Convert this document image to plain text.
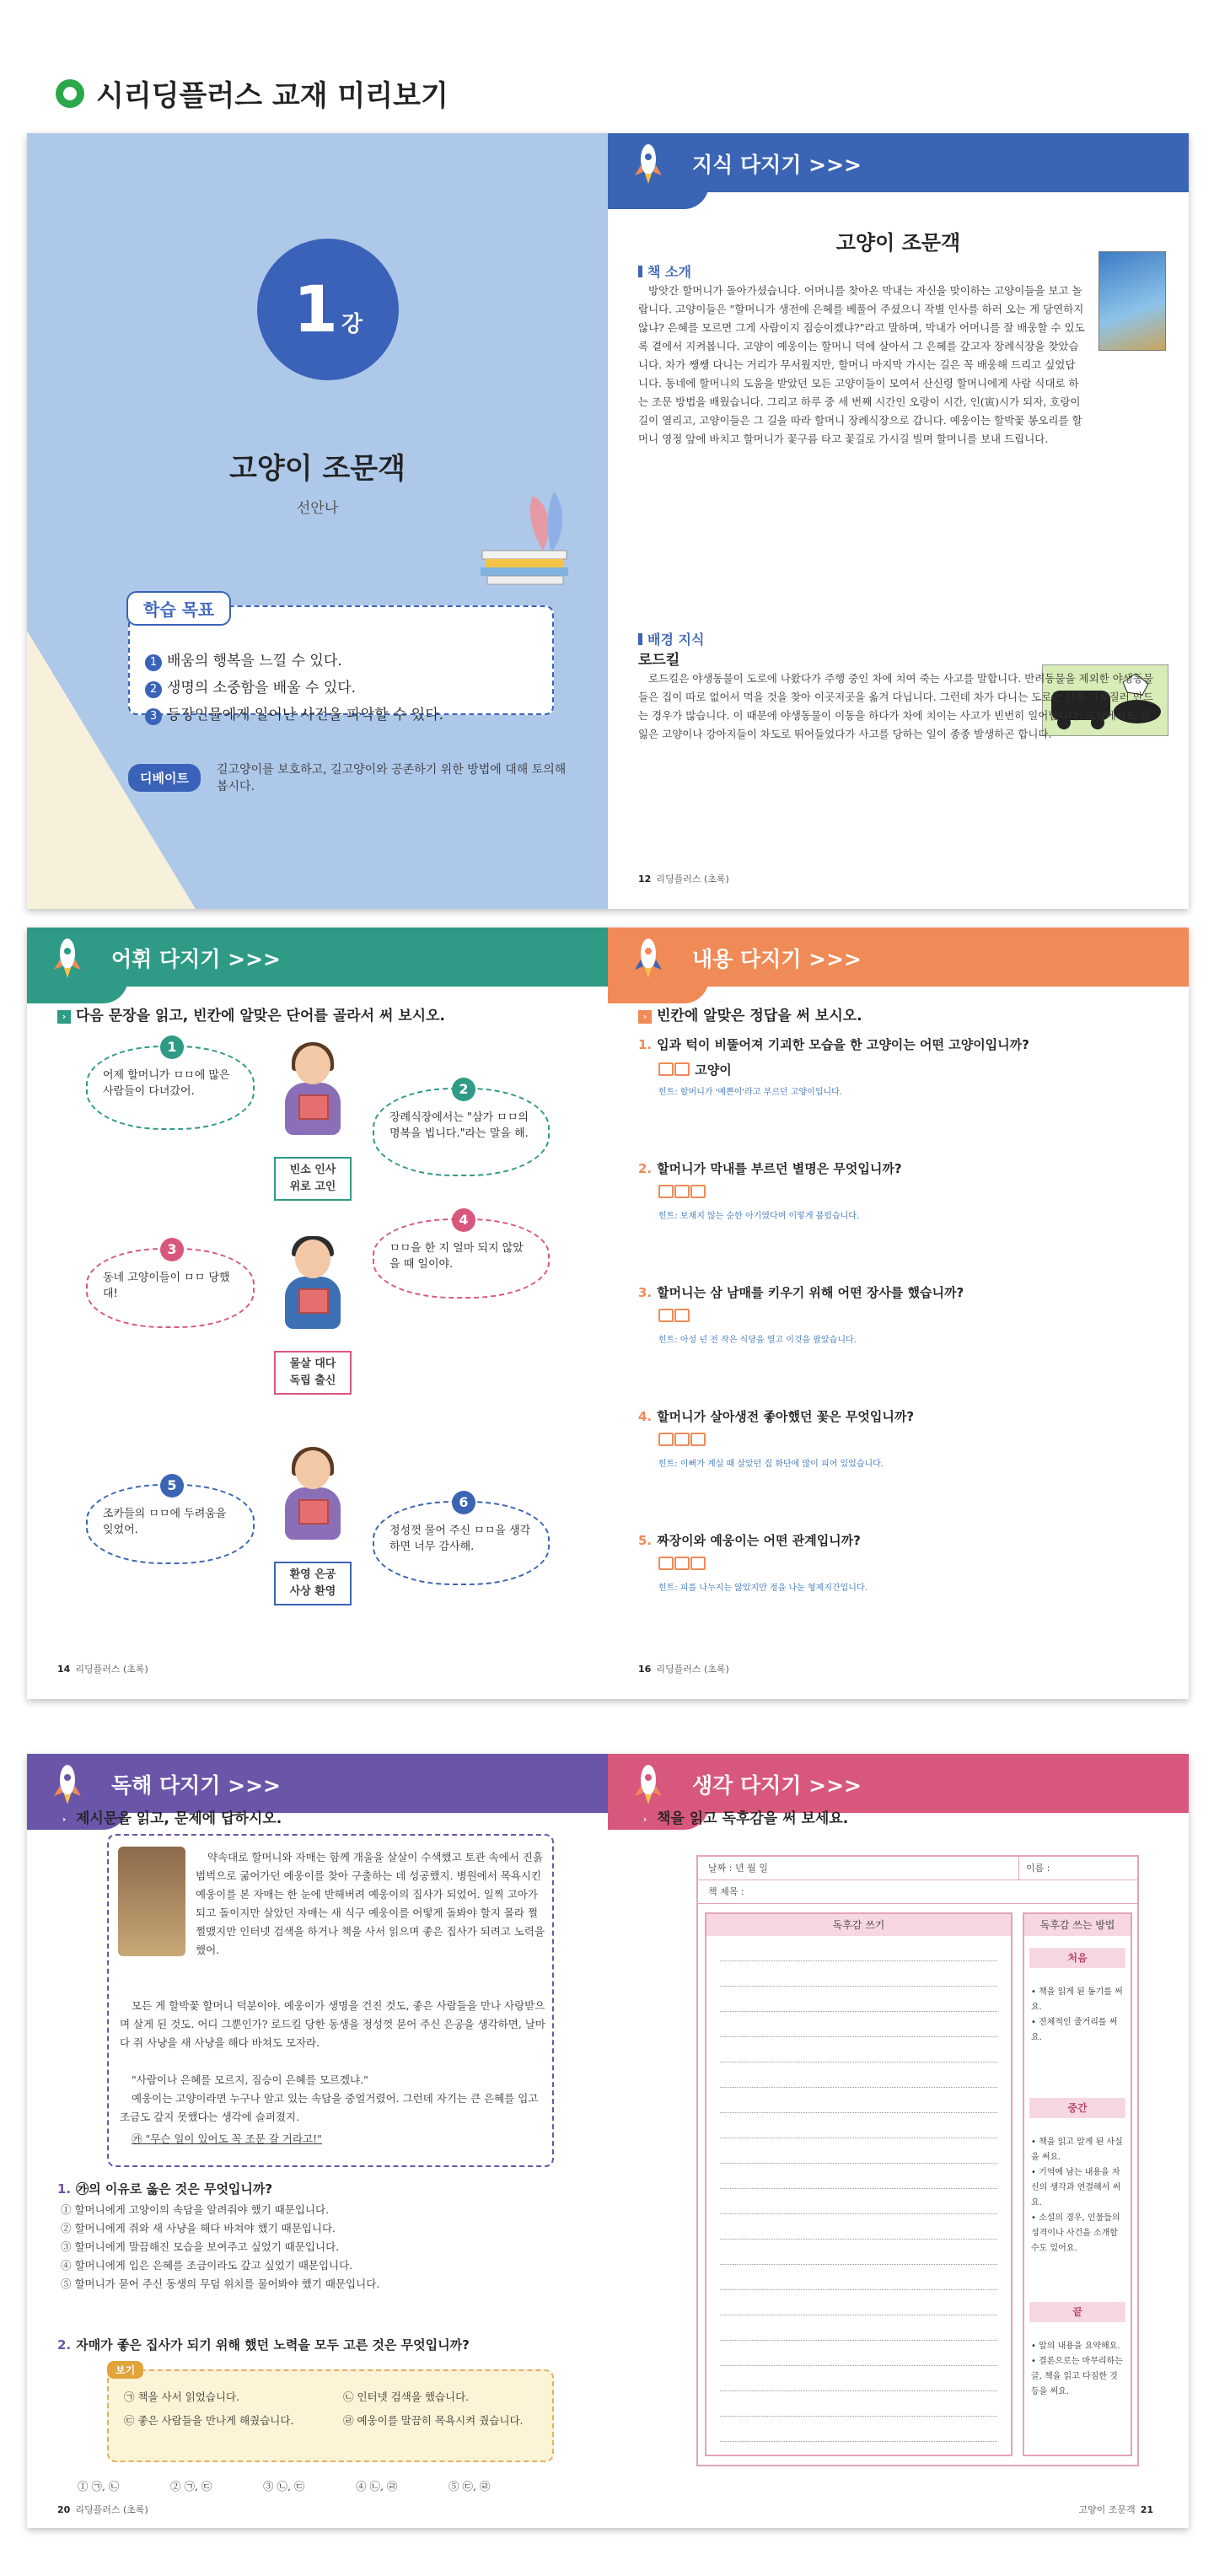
시리딩플러스 교재 미리보기
1 강
고양이 조문객
선안나
학습 목표
1 배움의 행복을 느낄 수 있다.
2 생명의 소중함을 배울 수 있다.
3 등장인물에게 일어난 사건을 파악할 수 있다.
디베이트
길고양이를 보호하고, 길고양이와 공존하기 위한 방법에 대해 토의해 봅시다.
지식 다지기 >>>
고양이 조문객
책 소개
방앗간 할머니가 돌아가셨습니다. 어머니를 찾아온 막내는 자신을 맞이하는 고양이들을 보고 놀랍니다. 고양이들은 "할머니가 생전에 은혜를 베풀어 주셨으니 작별 인사를 하러 오는 게 당연하지 않냐? 은혜를 모르면 그게 사람이지 짐승이겠냐?"라고 말하며, 막내가 어머니를 잘 배웅할 수 있도록 곁에서 지켜봅니다. 고양이 예웅이는 할머니 덕에 살아서 그 은혜를 갚고자 장례식장을 찾았습니다. 차가 쌩쌩 다니는 거리가 무서웠지만, 할머니 마지막 가시는 길은 꼭 배웅해 드리고 싶었답니다. 동네에 할머니의 도움을 받았던 모든 고양이들이 모여서 산신령 할머니에게 사람 식대로 하는 조문 방법을 배웠습니다. 그리고 하루 중 세 번째 시간인 오랑이 시간, 인(寅)시가 되자, 호랑이 길이 열리고, 고양이들은 그 길을 따라 할머니 장례식장으로 갑니다. 예웅이는 할박꽃 봉오리를 할머니 영정 앞에 바치고 할머니가 꽃구름 타고 꽃길로 가시길 빌며 할머니를 보내 드립니다.
배경 지식
로드킬
로드킬은 야생동물이 도로에 나왔다가 주행 중인 차에 치여 죽는 사고를 말합니다. 반려동물을 제외한 야생동물들은 집이 따로 없어서 먹을 것을 찾아 이곳저곳을 옮겨 다닙니다. 그런데 차가 다니는 도로는 산을 가로질러 만드는 경우가 많습니다. 이 때문에 야생동물이 이동을 하다가 차에 치이는 사고가 빈번히 일어납니다. 도심에서도 길 잃은 고양이나 강아지들이 차도로 뛰어들었다가 사고를 당하는 일이 종종 발생하곤 합니다.
12 리딩플러스 (초록)
어휘 다지기 >>>
› 다음 문장을 읽고, 빈칸에 알맞은 단어를 골라서 써 보시오.
1
어제 할머니가 ㅁㅁ에 많은 사람들이 다녀갔어.
빈소 인사
위로 고인
2
장례식장에서는 "삼가 ㅁㅁ의 명복을 빕니다."라는 말을 해.
3
동네 고양이들이 ㅁㅁ 당했대!
물살 대다
독립 출신
4
ㅁㅁ을 한 지 얼마 되지 않았을 때 일이야.
5
조카들의 ㅁㅁ에 두려움을 잊었어.
환영 은공
사상 환영
6
정성껏 물어 주신 ㅁㅁ을 생각하면 너무 감사해.
14 리딩플러스 (초록)
내용 다지기 >>>
› 빈칸에 알맞은 정답을 써 보시오.
1. 입과 턱이 비뚤어져 기괴한 모습을 한 고양이는 어떤 고양이입니까?
고양이
힌트: 할머니가 '예쁜이'라고 부르던 고양이입니다.
2. 할머니가 막내를 부르던 별명은 무엇입니까?
힌트: 보채지 않는 순한 아기였다며 이렇게 불렀습니다.
3. 할머니는 삼 남매를 키우기 위해 어떤 장사를 했습니까?
힌트: 아성 넌 전 작은 식당을 열고 이것을 팔았습니다.
4. 할머니가 살아생전 좋아했던 꽃은 무엇입니까?
힌트: 이뻐가 계실 때 살았던 집 화단에 많이 피어 있었습니다.
5. 짜장이와 예웅이는 어떤 관계입니까?
힌트: 피를 나누지는 않았지만 정을 나눈 형제지간입니다.
16 리딩플러스 (초록)
독해 다지기 >>>
› 제시문을 읽고, 문제에 답하시오.
약속대로 할머니와 자매는 함께 개울을 살살이 수색했고 토관 속에서 진흙 범벅으로 굶어가던 예웅이를 찾아 구출하는 데 성공했지. 병원에서 목욕시킨 예웅이를 본 자매는 한 눈에 반해버려 예웅이의 집사가 되었어. 일찍 고아가 되고 돌이지만 살았던 자매는 새 식구 예웅이를 어떻게 돌봐야 할지 몰라 쩔쩔맸지만 인터넷 검색을 하거나 책을 사서 읽으며 좋은 집사가 되려고 노력을 했어.
모든 게 할박꽃 할머니 덕분이야. 예웅이가 생명을 건진 것도, 좋은 사람들을 만나 사랑받으며 살게 된 것도. 어디 그뿐인가? 로드킬 당한 동생을 정성껏 묻어 주신 은공을 생각하면, 날마다 쥐 사냥을 새 사냥을 해다 바쳐도 모자라.
"사람이나 은혜를 모르지, 짐승이 은혜를 모르겠냐."
예웅이는 고양이라면 누구나 알고 있는 속담을 중얼거렸어. 그런데 자기는 큰 은혜를 입고 조금도 갚지 못했다는 생각에 슬퍼졌지.
㉮ "무슨 일이 있어도 꼭 조문 갈 거라고!"
1. ㉮의 이유로 옳은 것은 무엇입니까?
① 할머니에게 고양이의 속담을 알려줘야 했기 때문입니다.
② 할머니에게 쥐와 새 사냥을 해다 바쳐야 했기 때문입니다.
③ 할머니에게 말끔해진 모습을 보여주고 싶었기 때문입니다.
④ 할머니에게 입은 은혜를 조금이라도 갚고 싶었기 때문입니다.
⑤ 할머니가 묻어 주신 동생의 무덤 위치를 물어봐야 했기 때문입니다.
2. 자매가 좋은 집사가 되기 위해 했던 노력을 모두 고른 것은 무엇입니까?
보기
㉠ 책을 사서 읽었습니다.	㉡ 인터넷 검색을 했습니다.
㉢ 좋은 사람들을 만나게 해줬습니다.	㉣ 예웅이를 말끔히 목욕시켜 줬습니다.
① ㉠, ㉡	② ㉠, ㉢	③ ㉡, ㉢	④ ㉡, ㉣	⑤ ㉢, ㉣
20 리딩플러스 (초록)
생각 다지기 >>>
› 책을 읽고 독후감을 써 보세요.
날짜 : 년 월 일	이름 :
책 제목 :
독후감 쓰기	독후감 쓰는 방법
처음
• 책을 읽게 된 동기를 써요.
• 전체적인 줄거리를 써요.
중간
• 책을 읽고 알게 된 사실을 써요.
• 기억에 남는 내용을 자신의 생각과 연결해서 써요.
• 소설의 경우, 인물들의 성격이나 사건을 소개할 수도 있어요.
끝
• 앞의 내용을 요약해요.
• 결론으로는 마무리하는 글, 책을 읽고 다짐한 것 등을 써요.
고양이 조문객 21
